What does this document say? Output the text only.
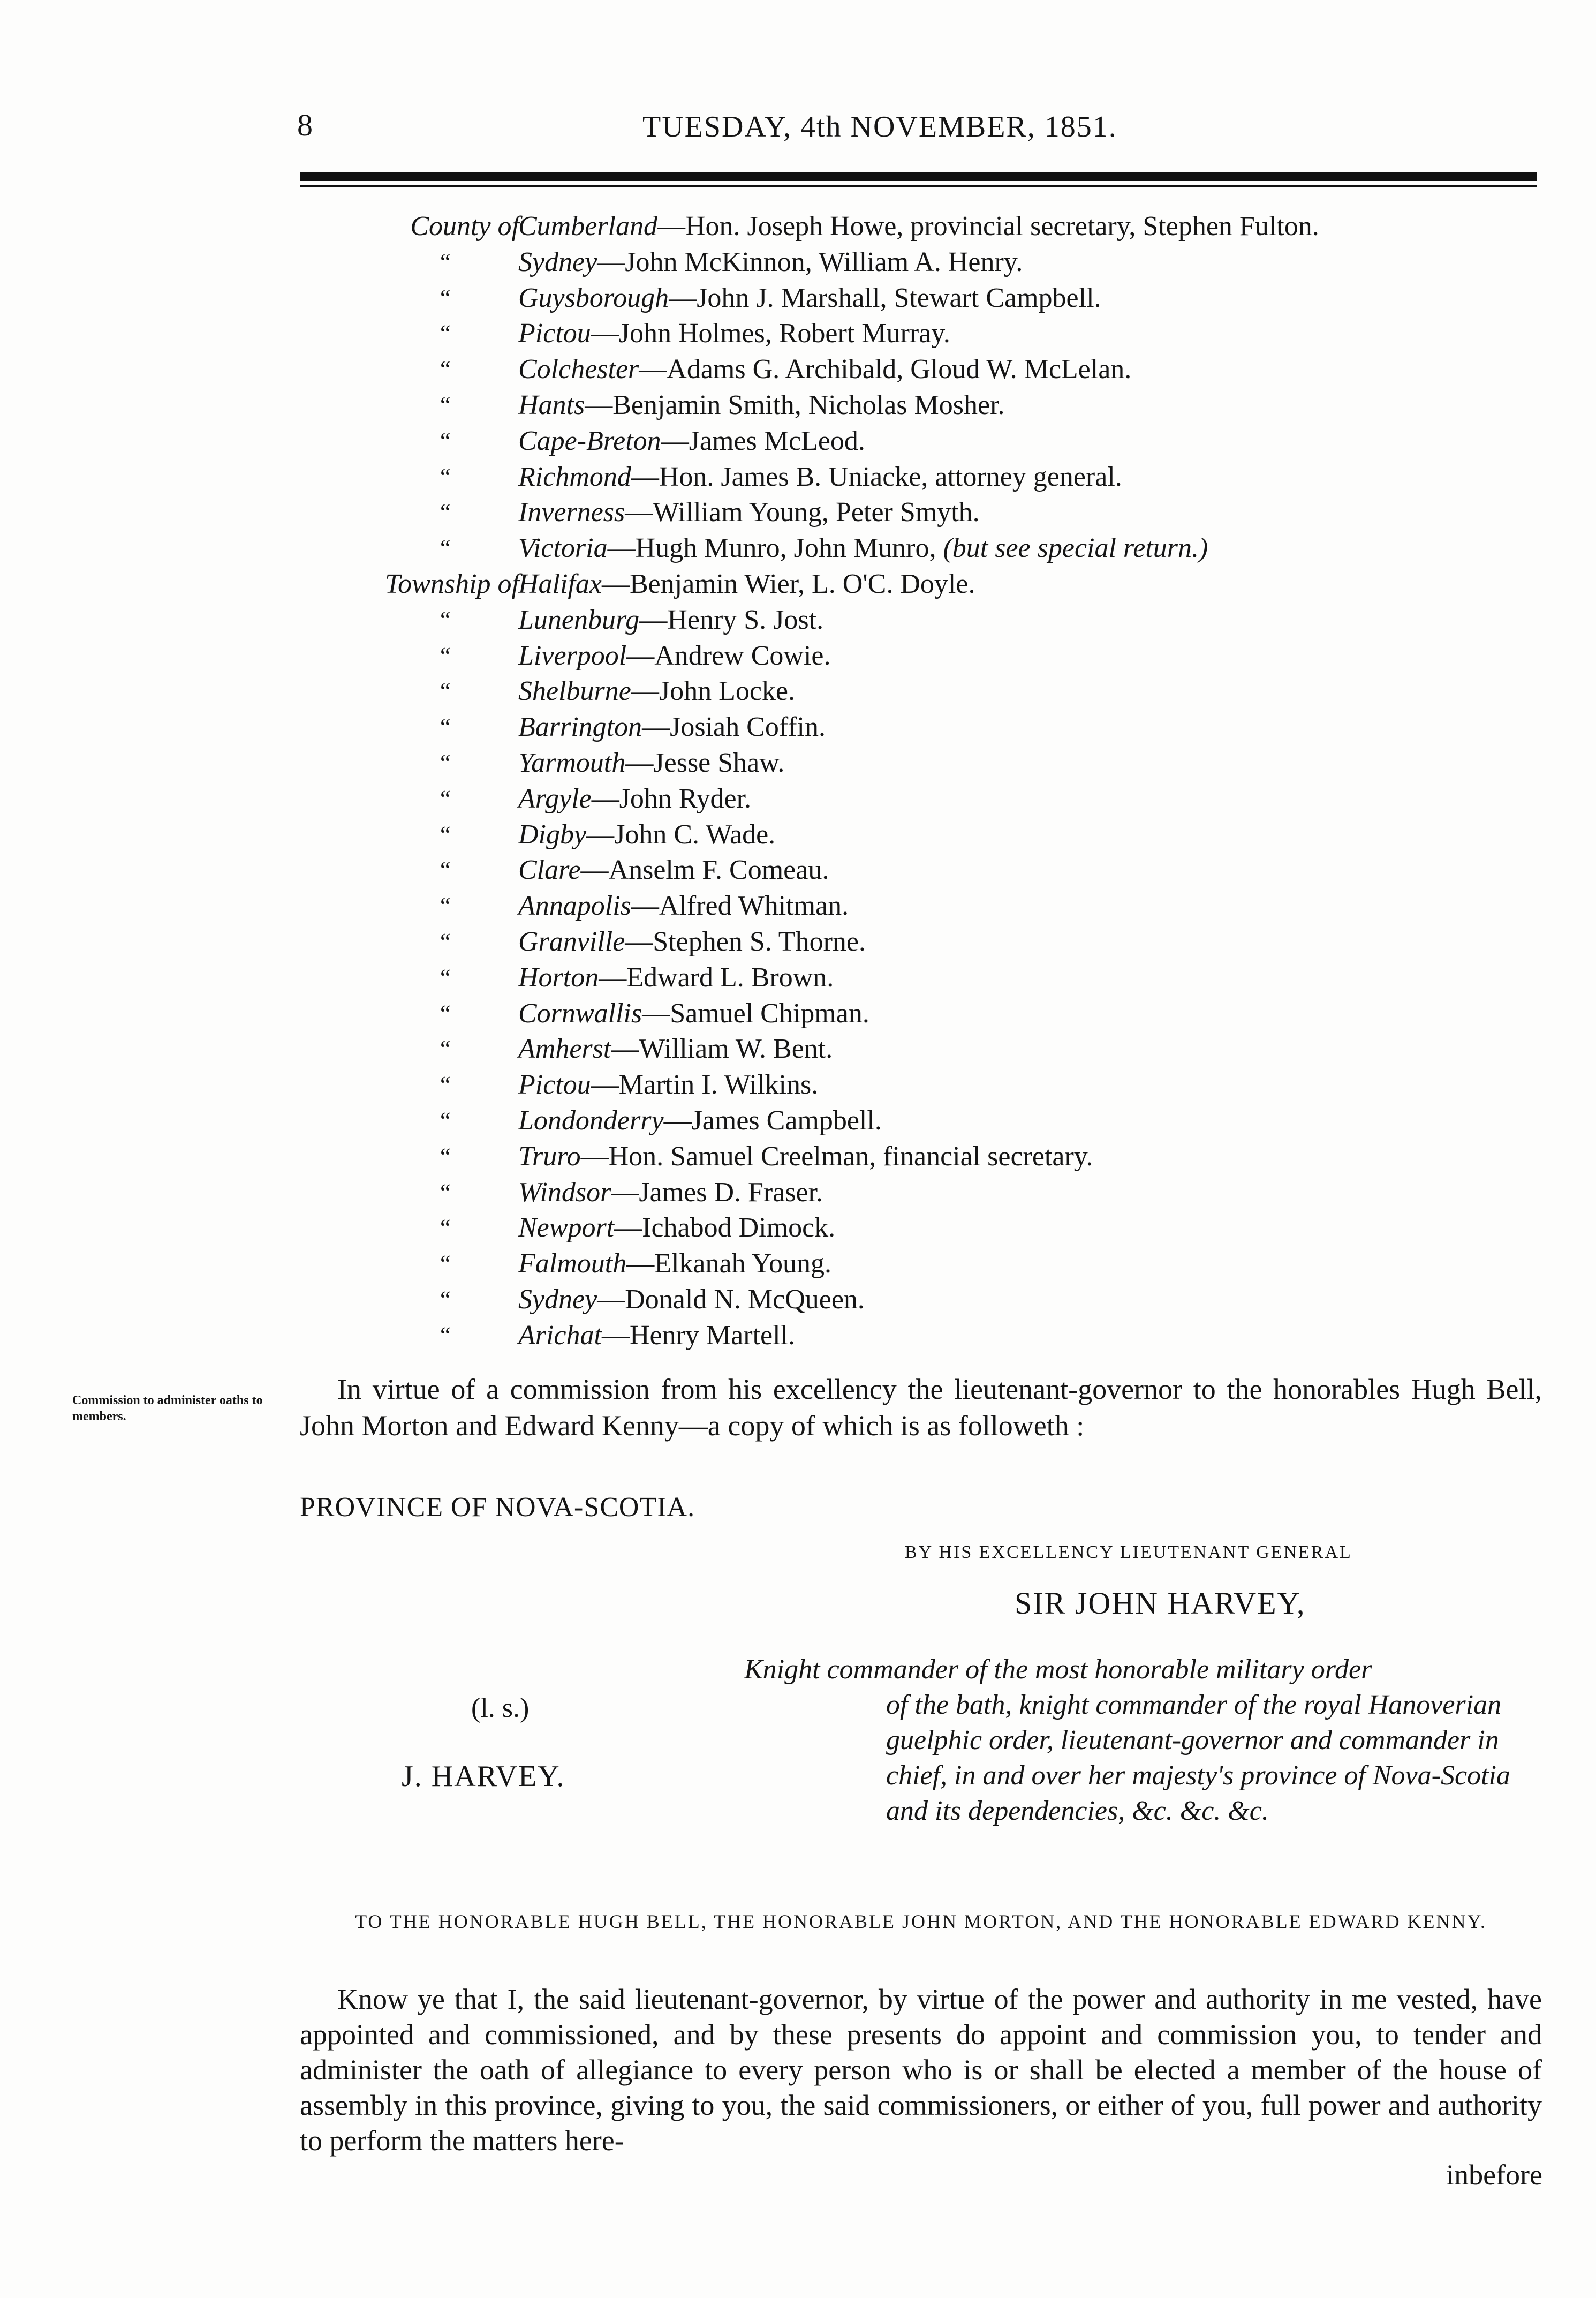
8	TUESDAY, 4th NOVEMBER, 1851.
County of
Cumberland—Hon. Joseph Howe, provincial secretary, Stephen Fulton.
“ Sydney—John McKinnon, William A. Henry.
“ Guysborough—John J. Marshall, Stewart Campbell.
“ Pictou—John Holmes, Robert Murray.
“ Colchester—Adams G. Archibald, Gloud W. McLelan.
“ Hants—Benjamin Smith, Nicholas Mosher.
“ Cape-Breton—James McLeod.
“ Richmond—Hon. James B. Uniacke, attorney general.
“ Inverness—William Young, Peter Smyth.
“ Victoria—Hugh Munro, John Munro, (but see special return.)
Township of
Halifax—Benjamin Wier, L. O'C. Doyle.
“ Lunenburg—Henry S. Jost.
“ Liverpool—Andrew Cowie.
“ Shelburne—John Locke.
“ Barrington—Josiah Coffin.
“ Yarmouth—Jesse Shaw.
“ Argyle—John Ryder.
“ Digby—John C. Wade.
“ Clare—Anselm F. Comeau.
“ Annapolis—Alfred Whitman.
“ Granville—Stephen S. Thorne.
“ Horton—Edward L. Brown.
“ Cornwallis—Samuel Chipman.
“ Amherst—William W. Bent.
“ Pictou—Martin I. Wilkins.
“ Londonderry—James Campbell.
“ Truro—Hon. Samuel Creelman, financial secretary.
“ Windsor—James D. Fraser.
“ Newport—Ichabod Dimock.
“ Falmouth—Elkanah Young.
“ Sydney—Donald N. McQueen.
“ Arichat—Henry Martell.
Commission to administer oaths to members.
In virtue of a commission from his excellency the lieutenant-governor to the honorables Hugh Bell, John Morton and Edward Kenny—a copy of which is as followeth :
PROVINCE OF NOVA-SCOTIA.
BY HIS EXCELLENCY LIEUTENANT GENERAL
SIR JOHN HARVEY,
(l. s.)
J. HARVEY.
Knight commander of the most honorable military order
of the bath, knight commander of the royal Hanoverian guelphic order, lieutenant-governor and commander in chief, in and over her majesty's province of Nova-Scotia and its dependencies, &c. &c. &c.
TO THE HONORABLE HUGH BELL, THE HONORABLE JOHN MORTON, AND THE HONORABLE EDWARD KENNY.
Know ye that I, the said lieutenant-governor, by virtue of the power and authority in me vested, have appointed and commissioned, and by these presents do appoint and commission you, to tender and administer the oath of allegiance to every person who is or shall be elected a member of the house of assembly in this province, giving to you, the said commissioners, or either of you, full power and authority to perform the matters here-
inbefore
